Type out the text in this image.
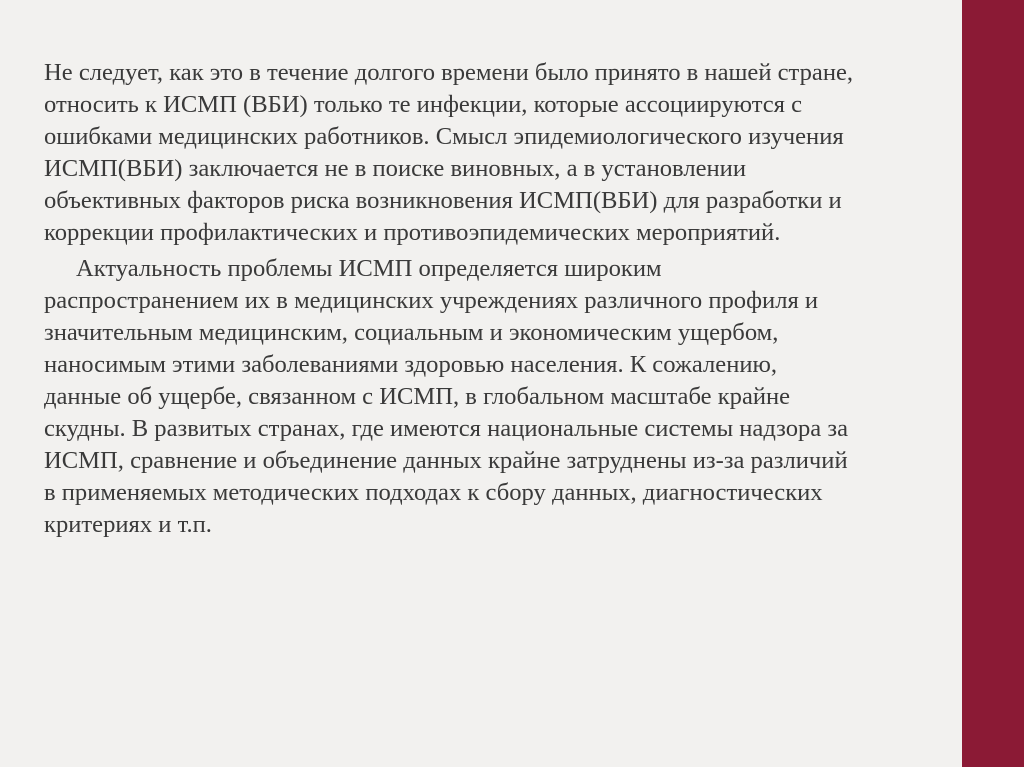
Не следует, как это в течение долгого времени было принято в нашей стране,
относить к ИСМП (ВБИ) только те инфекции, которые ассоциируются с
ошибками медицинских работников. Смысл эпидемиологического изучения
ИСМП(ВБИ) заключается не в поиске виновных, а в установлении
объективных факторов риска возникновения ИСМП(ВБИ) для разработки и
коррекции профилактических и противоэпидемических мероприятий.

Актуальность проблемы ИСМП определяется широким
распространением их в медицинских учреждениях различного профиля и
значительным медицинским, социальным и экономическим ущербом,
наносимым этими заболеваниями здоровью населения. К сожалению,
данные об ущербе, связанном с ИСМП, в глобальном масштабе крайне
скудны. В развитых странах, где имеются национальные системы надзора за
ИСМП, сравнение и объединение данных крайне затруднены из-за различий
в применяемых методических подходах к сбору данных, диагностических
критериях и т.п.
